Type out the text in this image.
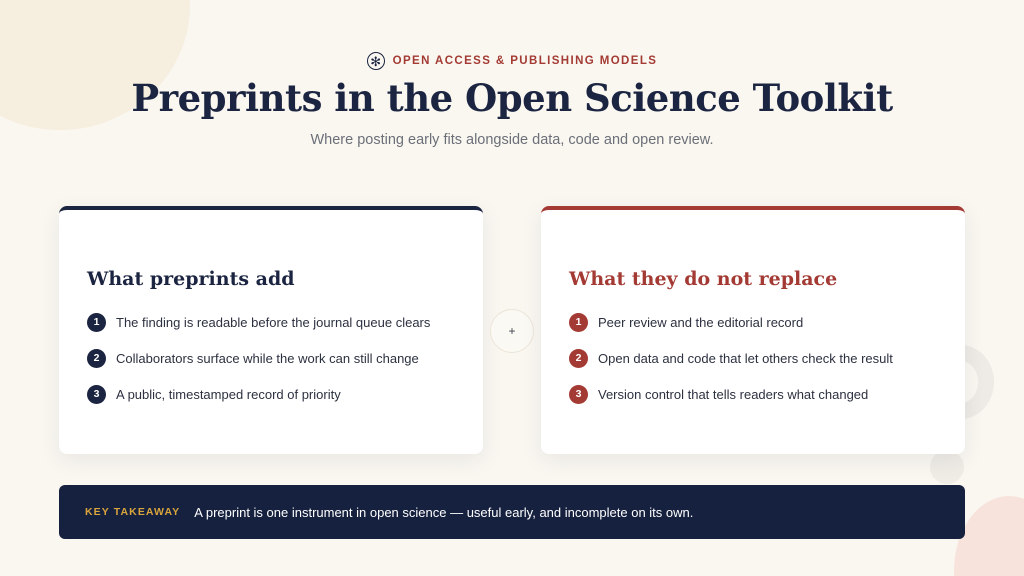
✻	OPEN ACCESS & PUBLISHING MODELS
Preprints in the Open Science Toolkit

Where posting early fits alongside data, code and open review.

What preprints add
1	The finding is readable before the journal queue clears
2	Collaborators surface while the work can still change
3	A public, timestamped record of priority
+
What they do not replace
1	Peer review and the editorial record
2	Open data and code that let others check the result
3	Version control that tells readers what changed
KEY TAKEAWAY A preprint is one instrument in open science — useful early, and incomplete on its own.
